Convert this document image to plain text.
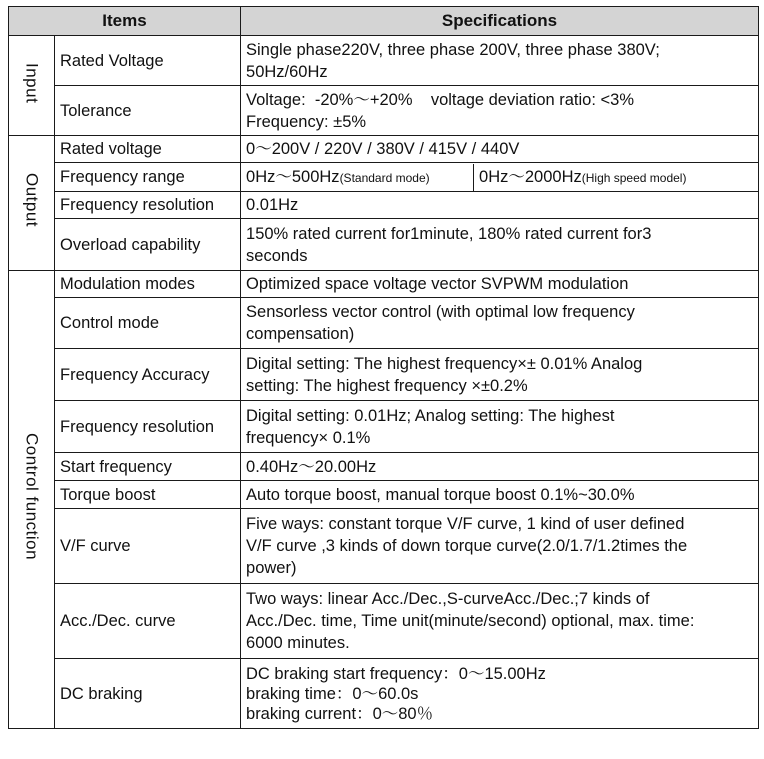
Items		Specifications
Input	Rated Voltage	Single phase220V, three phase 200V, three phase 380V;
50Hz/60Hz

	Tolerance	Voltage:  -20%～+20%    voltage deviation ratio: <3%
Frequency: ±5%

Output	Rated voltage	0～200V / 220V / 380V / 415V / 440V
	Frequency range	0Hz～500Hz(Standard mode) 0Hz～2000Hz(High speed model)

	Frequency resolution	0.01Hz
	Overload capability	150% rated current for1minute, 180% rated current for3
seconds

Control function	Modulation modes	Optimized space voltage vector SVPWM modulation
	Control mode	Sensorless vector control (with optimal low frequency
compensation)

	Frequency Accuracy	Digital setting: The highest frequency×± 0.01% Analog
setting: The highest frequency ×±0.2%

	Frequency resolution	Digital setting: 0.01Hz; Analog setting: The highest
frequency× 0.1%

	Start frequency	0.40Hz～20.00Hz
	Torque boost	Auto torque boost, manual torque boost 0.1%~30.0%
	V/F curve	Five ways: constant torque V/F curve, 1 kind of user defined
V/F curve ,3 kinds of down torque curve(2.0/1.7/1.2times the
power)

	Acc./Dec. curve	Two ways: linear Acc./Dec.,S-curveAcc./Dec.;7 kinds of
Acc./Dec. time, Time unit(minute/second) optional, max. time:
6000 minutes.

	DC braking	DC braking start frequency：0～15.00Hz
braking time：0～60.0s
braking current：0～80％
